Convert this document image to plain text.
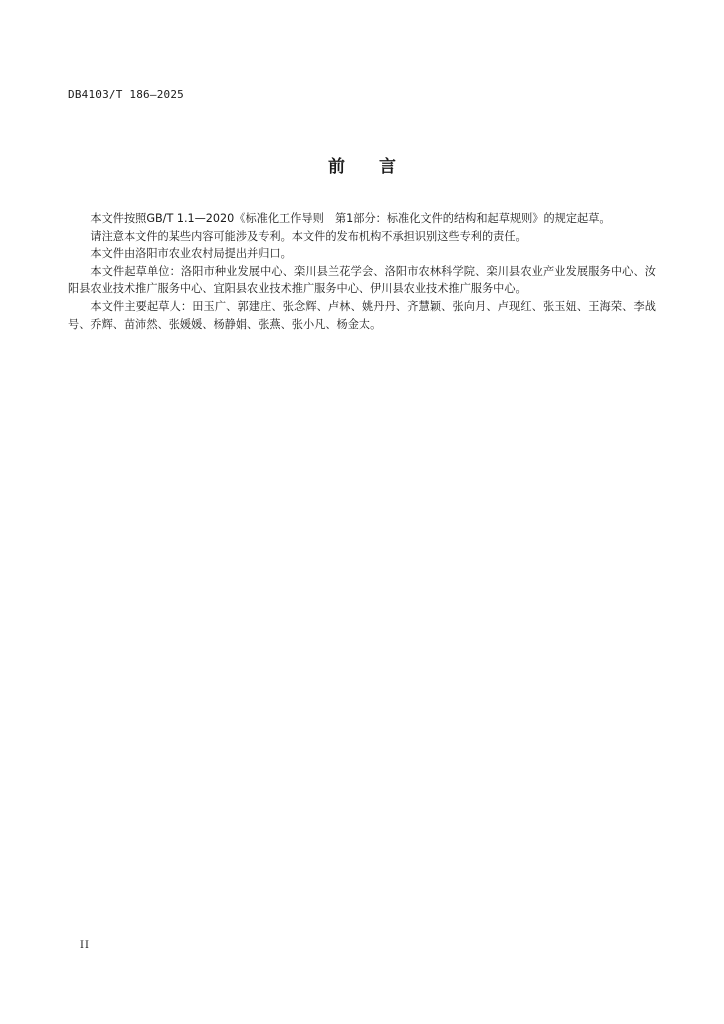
DB4103/T 186—2025
前言

本文件按照GB/T 1.1—2020《标准化工作导则　第1部分：标准化文件的结构和起草规则》的规定起草。

请注意本文件的某些内容可能涉及专利。本文件的发布机构不承担识别这些专利的责任。

本文件由洛阳市农业农村局提出并归口。

本文件起草单位：洛阳市种业发展中心、栾川县兰花学会、洛阳市农林科学院、栾川县农业产业发展服务中心、汝阳县农业技术推广服务中心、宜阳县农业技术推广服务中心、伊川县农业技术推广服务中心。

本文件主要起草人：田玉广、郭建庄、张念辉、卢林、姚丹丹、齐慧颖、张向月、卢现红、张玉妞、王海荣、李战号、乔辉、苗沛然、张媛媛、杨静娟、张燕、张小凡、杨金太。

II
